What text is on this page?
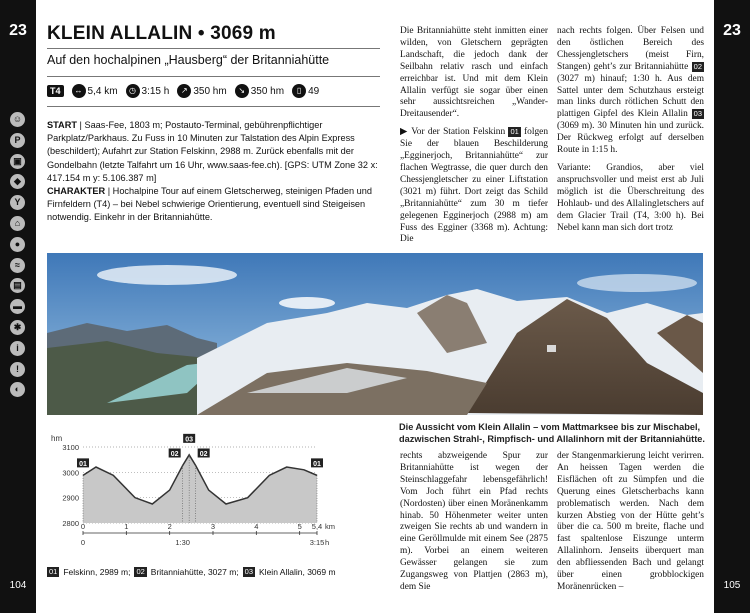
23
☺
P
▣
◆
Y
⌂
●
≈
▤
▬
✱
i
!
◐
104
23
105
KLEIN ALLALIN • 3069 m
Auf den hochalpinen „Hausberg“ der Britanniahütte
T4	↔ 5,4 km	◷ 3:15 h	↗ 350 hm	↘ 350 hm	▯ 49
START | Saas-Fee, 1803 m; Postauto-Terminal, gebührenpflichtiger Parkplatz/Parkhaus. Zu Fuss in 10 Minuten zur Talstation des Alpin Express (beschildert); Aufahrt zur Station Felskinn, 2988 m. Zurück ebenfalls mit der Gondelbahn (letzte Talfahrt um 16 Uhr, www.saas-fee.ch). [GPS: UTM Zone 32 x: 417.154 m y: 5.106.387 m]
CHARAKTER | Hochalpine Tour auf einem Gletscherweg, steinigen Pfaden und Firnfeldern (T4) – bei Nebel schwierige Orientierung, eventuell sind Steigeisen notwendig. Einkehr in der Britanniahütte.

Die Britanniahütte steht inmitten einer wilden, von Gletschern geprägten Landschaft, die jedoch dank der Seilbahn relativ rasch und einfach erreichbar ist. Und mit dem Klein Allalin verfügt sie sogar über einen sehr aussichtsreichen „Wander-Dreitausender“.

▶ Vor der Station Felskinn 01 folgen Sie der blauen Beschilderung „Egginerjoch, Britanniahütte“ zur flachen Wegtrasse, die quer durch den Chessjengletscher zu einer Liftstation (3021 m) führt. Dort zeigt das Schild „Britanniahütte“ zum 30 m tiefer gelegenen Egginerjoch (2988 m) am Fuss des Egginer (3368 m). Achtung: Die

nach rechts folgen. Über Felsen und den östlichen Bereich des Chessjengletschers (meist Firn, Stangen) geht’s zur Britanniahütte 02 (3027 m) hinauf; 1:30 h. Aus dem Sattel unter dem Schutzhaus ersteigt man links durch rötlichen Schutt den plattigen Gipfel des Klein Allalin 03 (3069 m). 30 Minuten hin und zurück. Der Rückweg erfolgt auf derselben Route in 1:15 h.

Variante: Grandios, aber viel anspruchsvoller und meist erst ab Juli möglich ist die Überschreitung des Hohlaub- und des Allalingletschers auf dem Glacier Trail (T4, 3:00 h). Bei Nebel kann man sich dort trotz

Die Aussicht vom Klein Allalin – vom Mattmarksee bis zur Mischabel, dazwischen Strahl-, Rimpfisch- und Allalinhorn mit der Britanniahütte.
hm
2800
2900
3000
3100
01
02
03
02
01
0	1	2	3	4	5 5,4 km
0	1:30	3:15 h
01 Felskinn, 2989 m; 02 Britanniahütte, 3027 m; 03 Klein Allalin, 3069 m

rechts abzweigende Spur zur Britanniahütte ist wegen der Steinschlaggefahr lebensgefährlich! Vom Joch führt ein Pfad rechts (Nordosten) über einen Moränenkamm hinab. 50 Höhenmeter weiter unten zweigen Sie rechts ab und wandern in eine Geröllmulde mit einem See (2875 m). Vorbei an einem weiteren Gewässer gelangen sie zum Zugangsweg von Plattjen (2863 m), dem Sie

der Stangenmarkierung leicht verirren. An heissen Tagen werden die Eisflächen oft zu Sümpfen und die Querung eines Gletscherbachs kann problematisch werden. Nach dem kurzen Abstieg von der Hütte geht’s über die ca. 500 m breite, flache und fast spaltenlose Eiszunge unterm Allalinhorn. Jenseits überquert man den abfliessenden Bach und gelangt über einen grobblockigen Moränenrücken –
